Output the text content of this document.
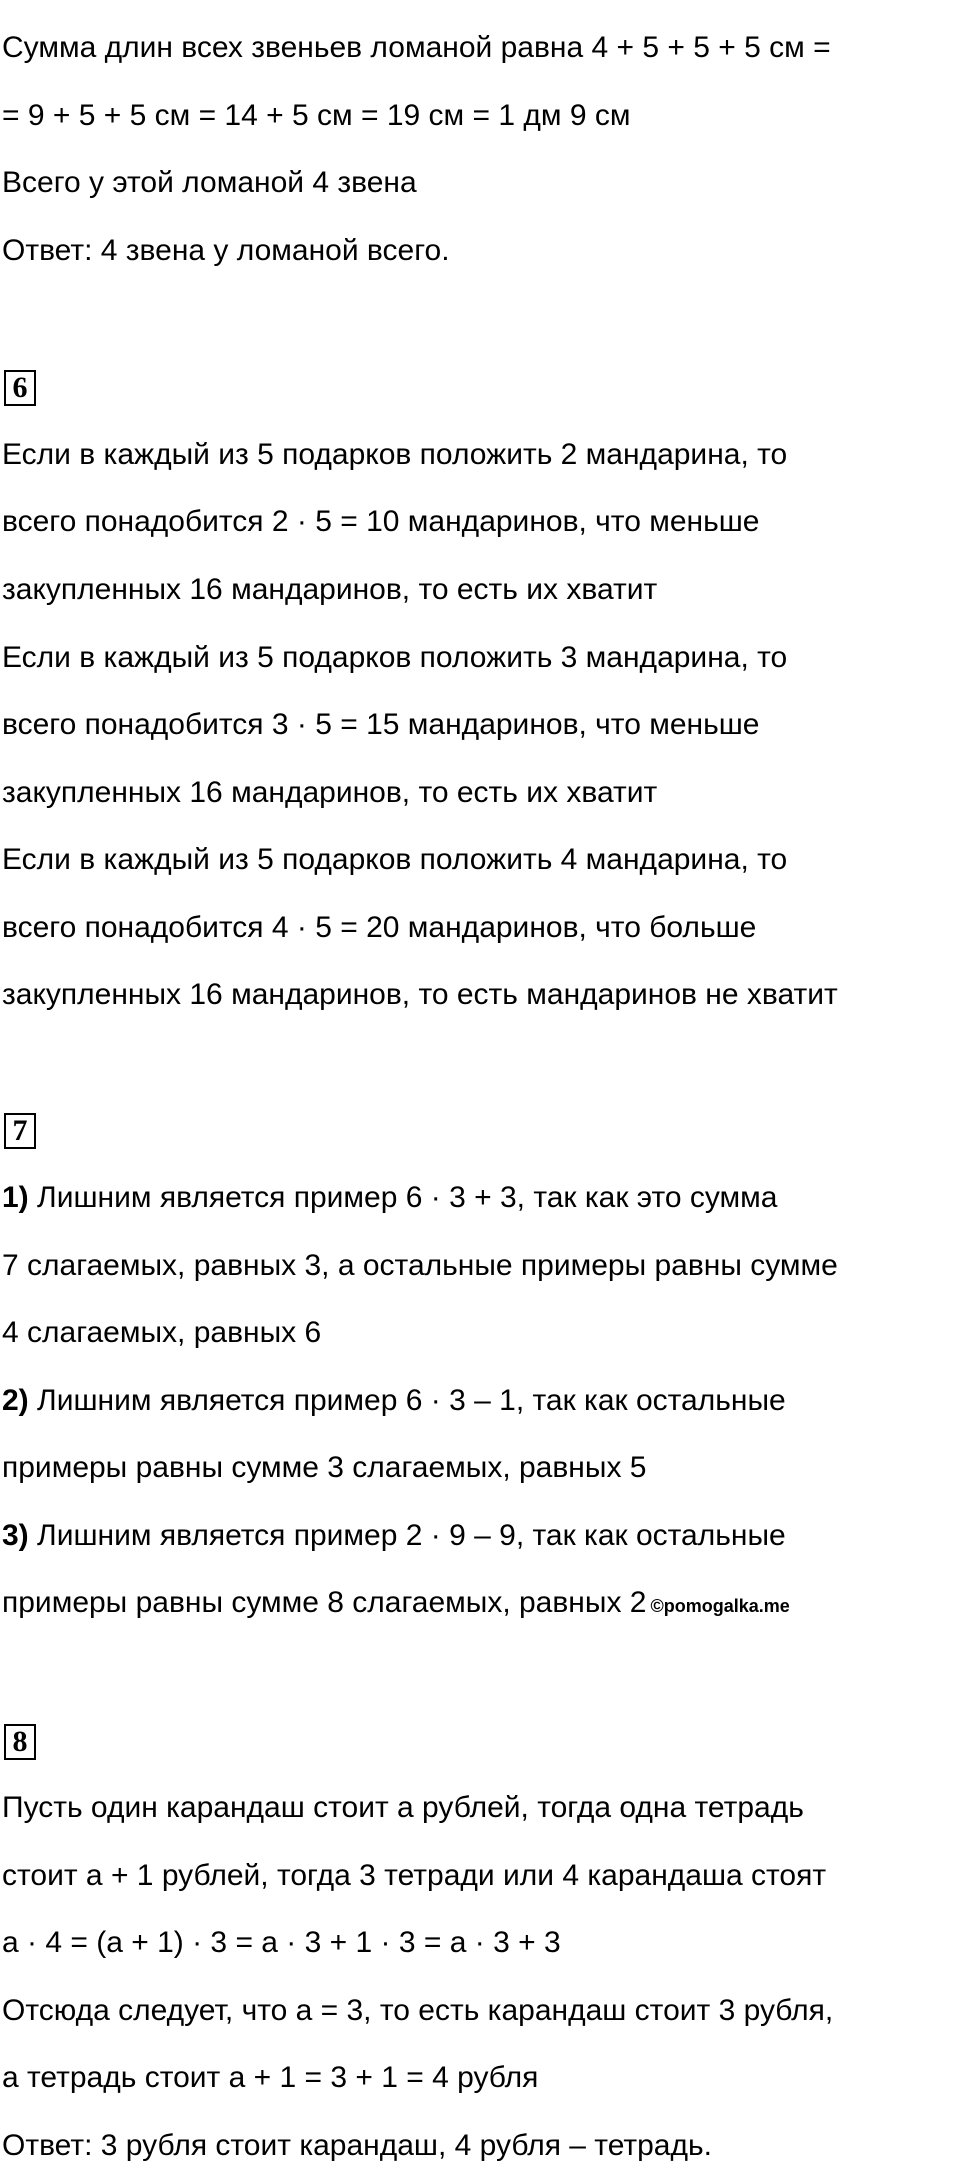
Сумма длин всех звеньев ломаной равна 4 + 5 + 5 + 5 см =
= 9 + 5 + 5 см = 14 + 5 см = 19 см = 1 дм 9 см
Всего у этой ломаной 4 звена
Ответ: 4 звена у ломаной всего.
6
Если в каждый из 5 подарков положить 2 мандарина, то
всего понадобится 2 · 5 = 10 мандаринов, что меньше
закупленных 16 мандаринов, то есть их хватит
Если в каждый из 5 подарков положить 3 мандарина, то
всего понадобится 3 · 5 = 15 мандаринов, что меньше
закупленных 16 мандаринов, то есть их хватит
Если в каждый из 5 подарков положить 4 мандарина, то
всего понадобится 4 · 5 = 20 мандаринов, что больше
закупленных 16 мандаринов, то есть мандаринов не хватит
7
1) Лишним является пример 6 · 3 + 3, так как это сумма
7 слагаемых, равных 3, а остальные примеры равны сумме
4 слагаемых, равных 6
2) Лишним является пример 6 · 3 – 1, так как остальные
примеры равны сумме 3 слагаемых, равных 5
3) Лишним является пример 2 · 9 – 9, так как остальные
примеры равны сумме 8 слагаемых, равных 2 ©pomogalka.me
8
Пусть один карандаш стоит а рублей, тогда одна тетрадь
стоит а + 1 рублей, тогда 3 тетради или 4 карандаша стоят
а · 4 = (а + 1) · 3 = а · 3 + 1 · 3 = а · 3 + 3
Отсюда следует, что а = 3, то есть карандаш стоит 3 рубля,
а тетрадь стоит а + 1 = 3 + 1 = 4 рубля
Ответ: 3 рубля стоит карандаш, 4 рубля – тетрадь.
